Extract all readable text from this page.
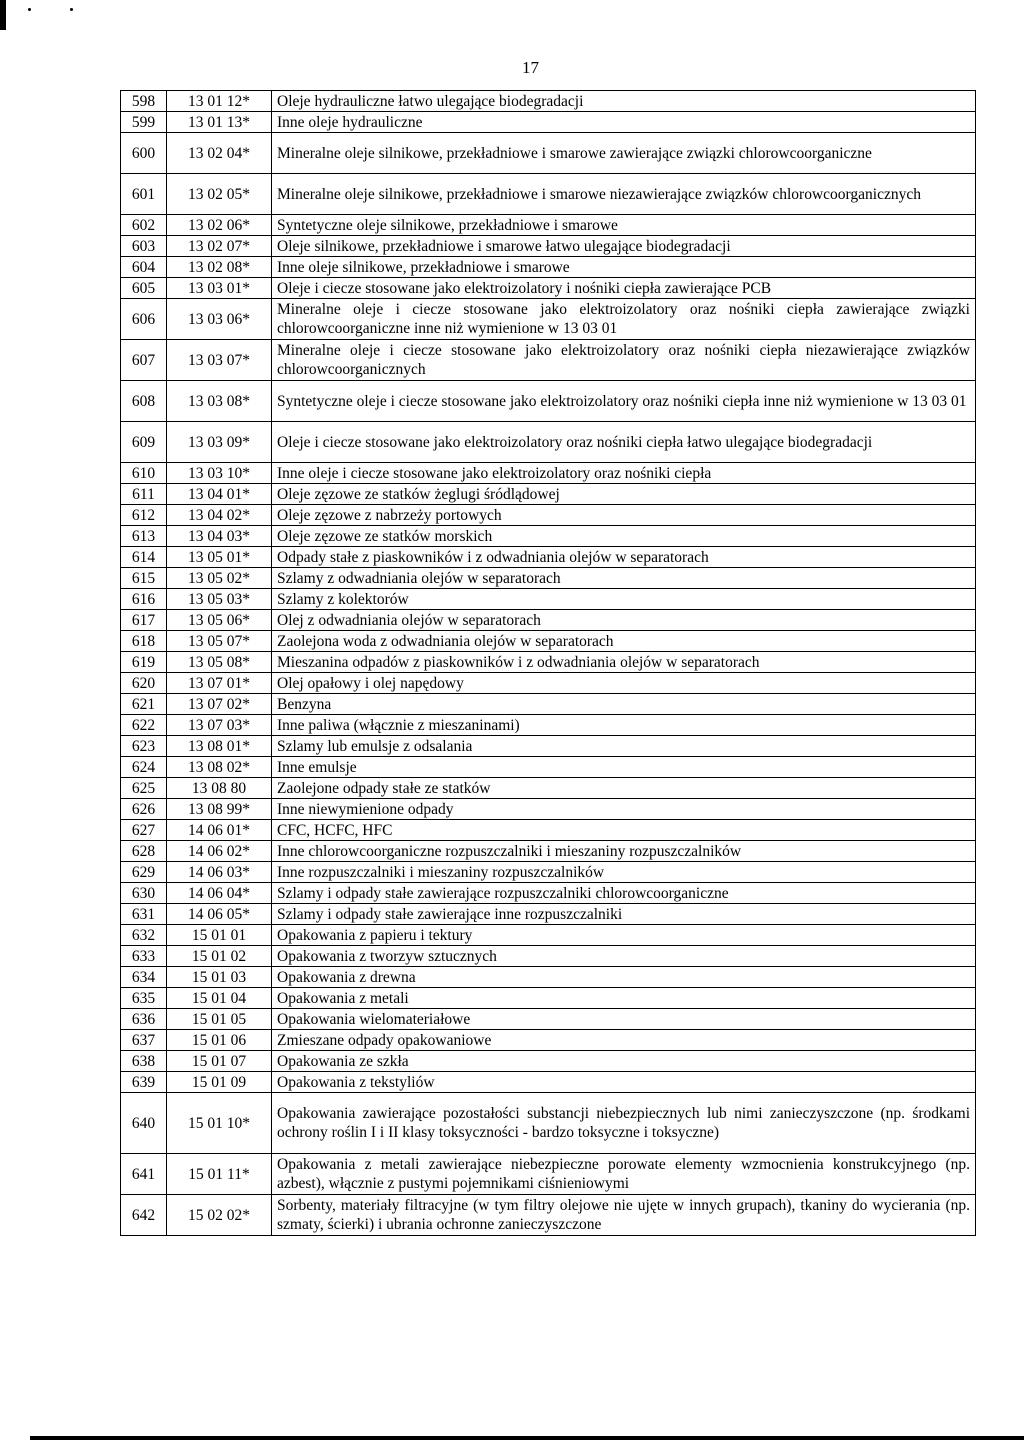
17
598	13 01 12*	Oleje hydrauliczne łatwo ulegające biodegradacji
599	13 01 13*	Inne oleje hydrauliczne
600	13 02 04*	Mineralne oleje silnikowe, przekładniowe i smarowe zawierające związki chlorowcoorganiczne
601	13 02 05*	Mineralne oleje silnikowe, przekładniowe i smarowe niezawierające związków chlorowcoorganicznych
602	13 02 06*	Syntetyczne oleje silnikowe, przekładniowe i smarowe
603	13 02 07*	Oleje silnikowe, przekładniowe i smarowe łatwo ulegające biodegradacji
604	13 02 08*	Inne oleje silnikowe, przekładniowe i smarowe
605	13 03 01*	Oleje i ciecze stosowane jako elektroizolatory i nośniki ciepła zawierające PCB
606	13 03 06*	Mineralne oleje i ciecze stosowane jako elektroizolatory oraz nośniki ciepła zawierające związki chlorowcoorganiczne inne niż wymienione w 13 03 01
607	13 03 07*	Mineralne oleje i ciecze stosowane jako elektroizolatory oraz nośniki ciepła niezawierające związków chlorowcoorganicznych
608	13 03 08*	Syntetyczne oleje i ciecze stosowane jako elektroizolatory oraz nośniki ciepła inne niż wymienione w 13 03 01
609	13 03 09*	Oleje i ciecze stosowane jako elektroizolatory oraz nośniki ciepła łatwo ulegające biodegradacji
610	13 03 10*	Inne oleje i ciecze stosowane jako elektroizolatory oraz nośniki ciepła
611	13 04 01*	Oleje zęzowe ze statków żeglugi śródlądowej
612	13 04 02*	Oleje zęzowe z nabrzeży portowych
613	13 04 03*	Oleje zęzowe ze statków morskich
614	13 05 01*	Odpady stałe z piaskowników i z odwadniania olejów w separatorach
615	13 05 02*	Szlamy z odwadniania olejów w separatorach
616	13 05 03*	Szlamy z kolektorów
617	13 05 06*	Olej z odwadniania olejów w separatorach
618	13 05 07*	Zaolejona woda z odwadniania olejów w separatorach
619	13 05 08*	Mieszanina odpadów z piaskowników i z odwadniania olejów w separatorach
620	13 07 01*	Olej opałowy i olej napędowy
621	13 07 02*	Benzyna
622	13 07 03*	Inne paliwa (włącznie z mieszaninami)
623	13 08 01*	Szlamy lub emulsje z odsalania
624	13 08 02*	Inne emulsje
625	13 08 80	Zaolejone odpady stałe ze statków
626	13 08 99*	Inne niewymienione odpady
627	14 06 01*	CFC, HCFC, HFC
628	14 06 02*	Inne chlorowcoorganiczne rozpuszczalniki i mieszaniny rozpuszczalników
629	14 06 03*	Inne rozpuszczalniki i mieszaniny rozpuszczalników
630	14 06 04*	Szlamy i odpady stałe zawierające rozpuszczalniki chlorowcoorganiczne
631	14 06 05*	Szlamy i odpady stałe zawierające inne rozpuszczalniki
632	15 01 01	Opakowania z papieru i tektury
633	15 01 02	Opakowania z tworzyw sztucznych
634	15 01 03	Opakowania z drewna
635	15 01 04	Opakowania z metali
636	15 01 05	Opakowania wielomateriałowe
637	15 01 06	Zmieszane odpady opakowaniowe
638	15 01 07	Opakowania ze szkła
639	15 01 09	Opakowania z tekstyliów
640	15 01 10*	Opakowania zawierające pozostałości substancji niebezpiecznych lub nimi zanieczyszczone (np. środkami ochrony roślin I i II klasy toksyczności - bardzo toksyczne i toksyczne)
641	15 01 11*	Opakowania z metali zawierające niebezpieczne porowate elementy wzmocnienia konstrukcyjnego (np. azbest), włącznie z pustymi pojemnikami ciśnieniowymi
642	15 02 02*	Sorbenty, materiały filtracyjne (w tym filtry olejowe nie ujęte w innych grupach), tkaniny do wycierania (np. szmaty, ścierki) i ubrania ochronne zanieczyszczone
